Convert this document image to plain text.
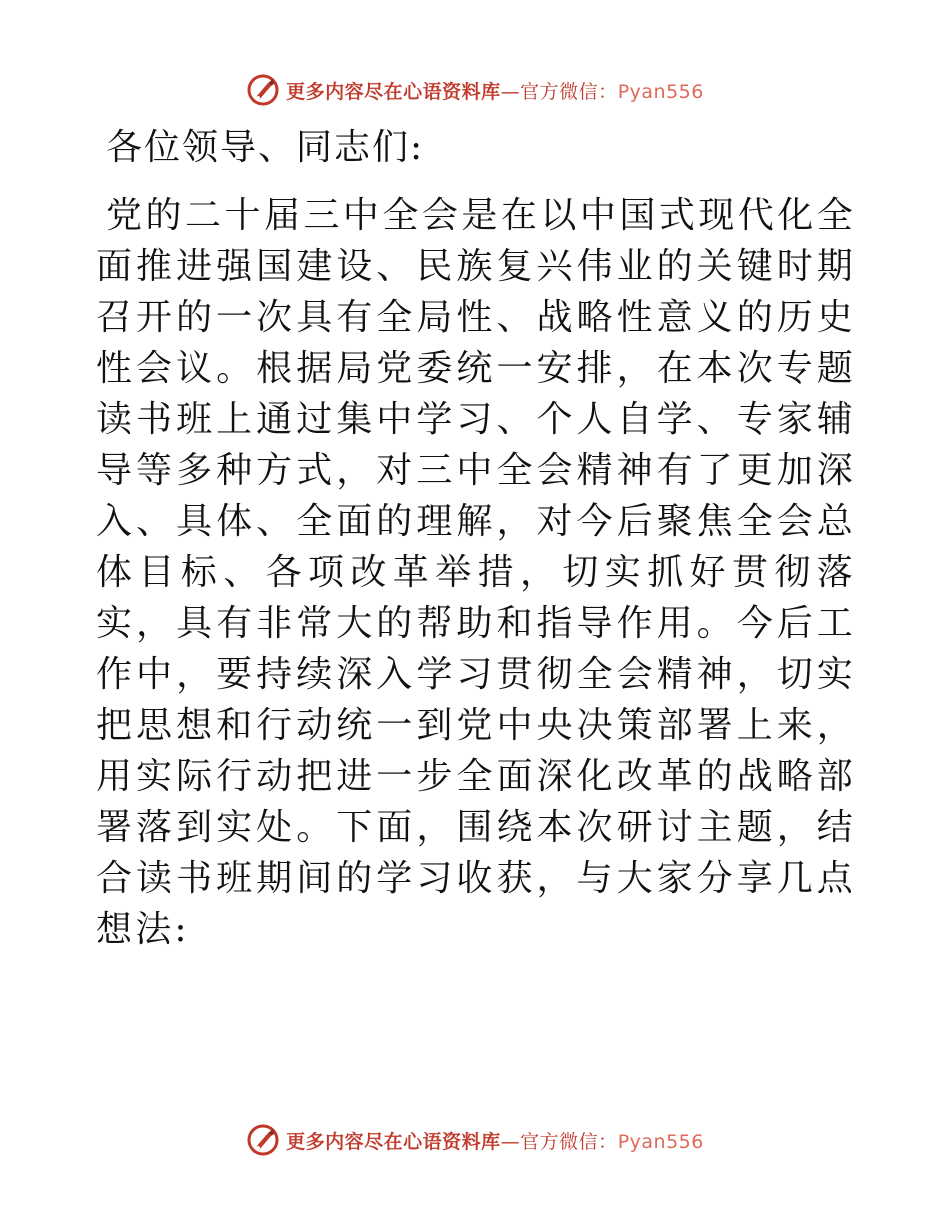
更多内容尽在心语资料库—官方微信：Pyan556

各位领导、同志们:

党的二十届三中全会是在以中国式现代化全面推进强国建设、民族复兴伟业的关键时期召开的一次具有全局性、战略性意义的历史性会议。根据局党委统一安排，在本次专题读书班上通过集中学习、个人自学、专家辅导等多种方式，对三中全会精神有了更加深入、具体、全面的理解，对今后聚焦全会总体目标、各项改革举措，切实抓好贯彻落实，具有非常大的帮助和指导作用。今后工作中，要持续深入学习贯彻全会精神，切实把思想和行动统一到党中央决策部署上来，用实际行动把进一步全面深化改革的战略部署落到实处。下面，围绕本次研讨主题，结合读书班期间的学习收获，与大家分享几点想法:

更多内容尽在心语资料库—官方微信：Pyan556
